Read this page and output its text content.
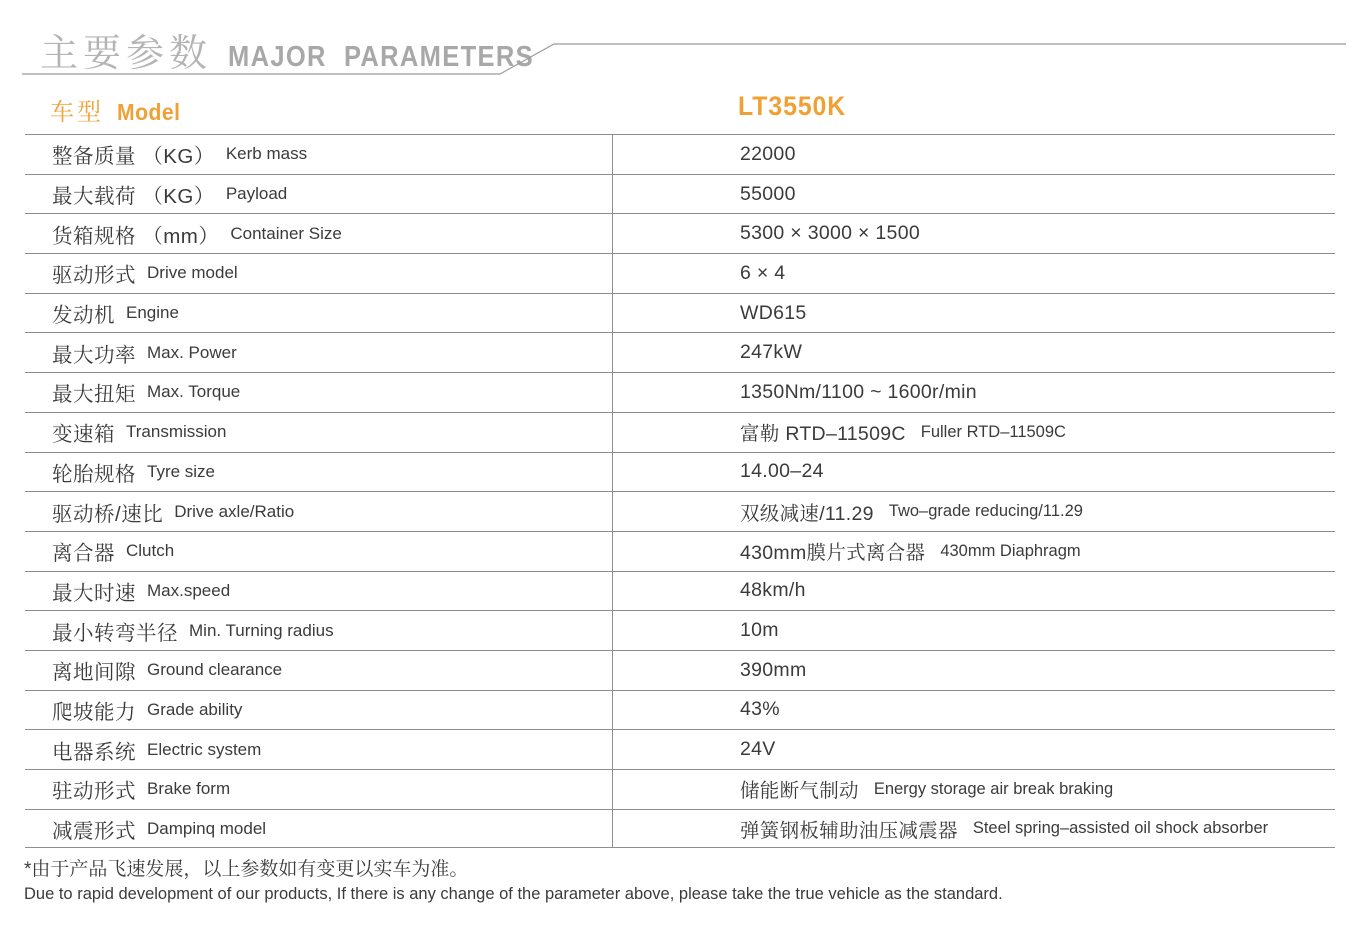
主要参数 MAJOR PARAMETERS
车型 Model	LT3550K
整备质量 （KG） Kerb mass	22000
最大载荷 （KG） Payload	55000
货箱规格 （mm） Container Size	5300 × 3000 × 1500
驱动形式 Drive model	6 × 4
发动机 Engine	WD615
最大功率 Max. Power	247kW
最大扭矩 Max. Torque	1350Nm/1100 ~ 1600r/min
变速箱 Transmission	富勒 RTD–11509C Fuller RTD–11509C
轮胎规格 Tyre size	14.00–24
驱动桥/速比 Drive axle/Ratio	双级减速/11.29 Two–grade reducing/11.29
离合器 Clutch	430mm膜片式离合器 430mm Diaphragm
最大时速 Max.speed	48km/h
最小转弯半径 Min. Turning radius	10m
离地间隙 Ground clearance	390mm
爬坡能力 Grade ability	43%
电器系统 Electric system	24V
驻动形式 Brake form	储能断气制动 Energy storage air break braking
减震形式 Dampinq model	弹簧钢板辅助油压减震器 Steel spring–assisted oil shock absorber
*由于产品飞速发展，以上参数如有变更以实车为准。
Due to rapid development of our products, If there is any change of the parameter above, please take the true vehicle as the standard.
